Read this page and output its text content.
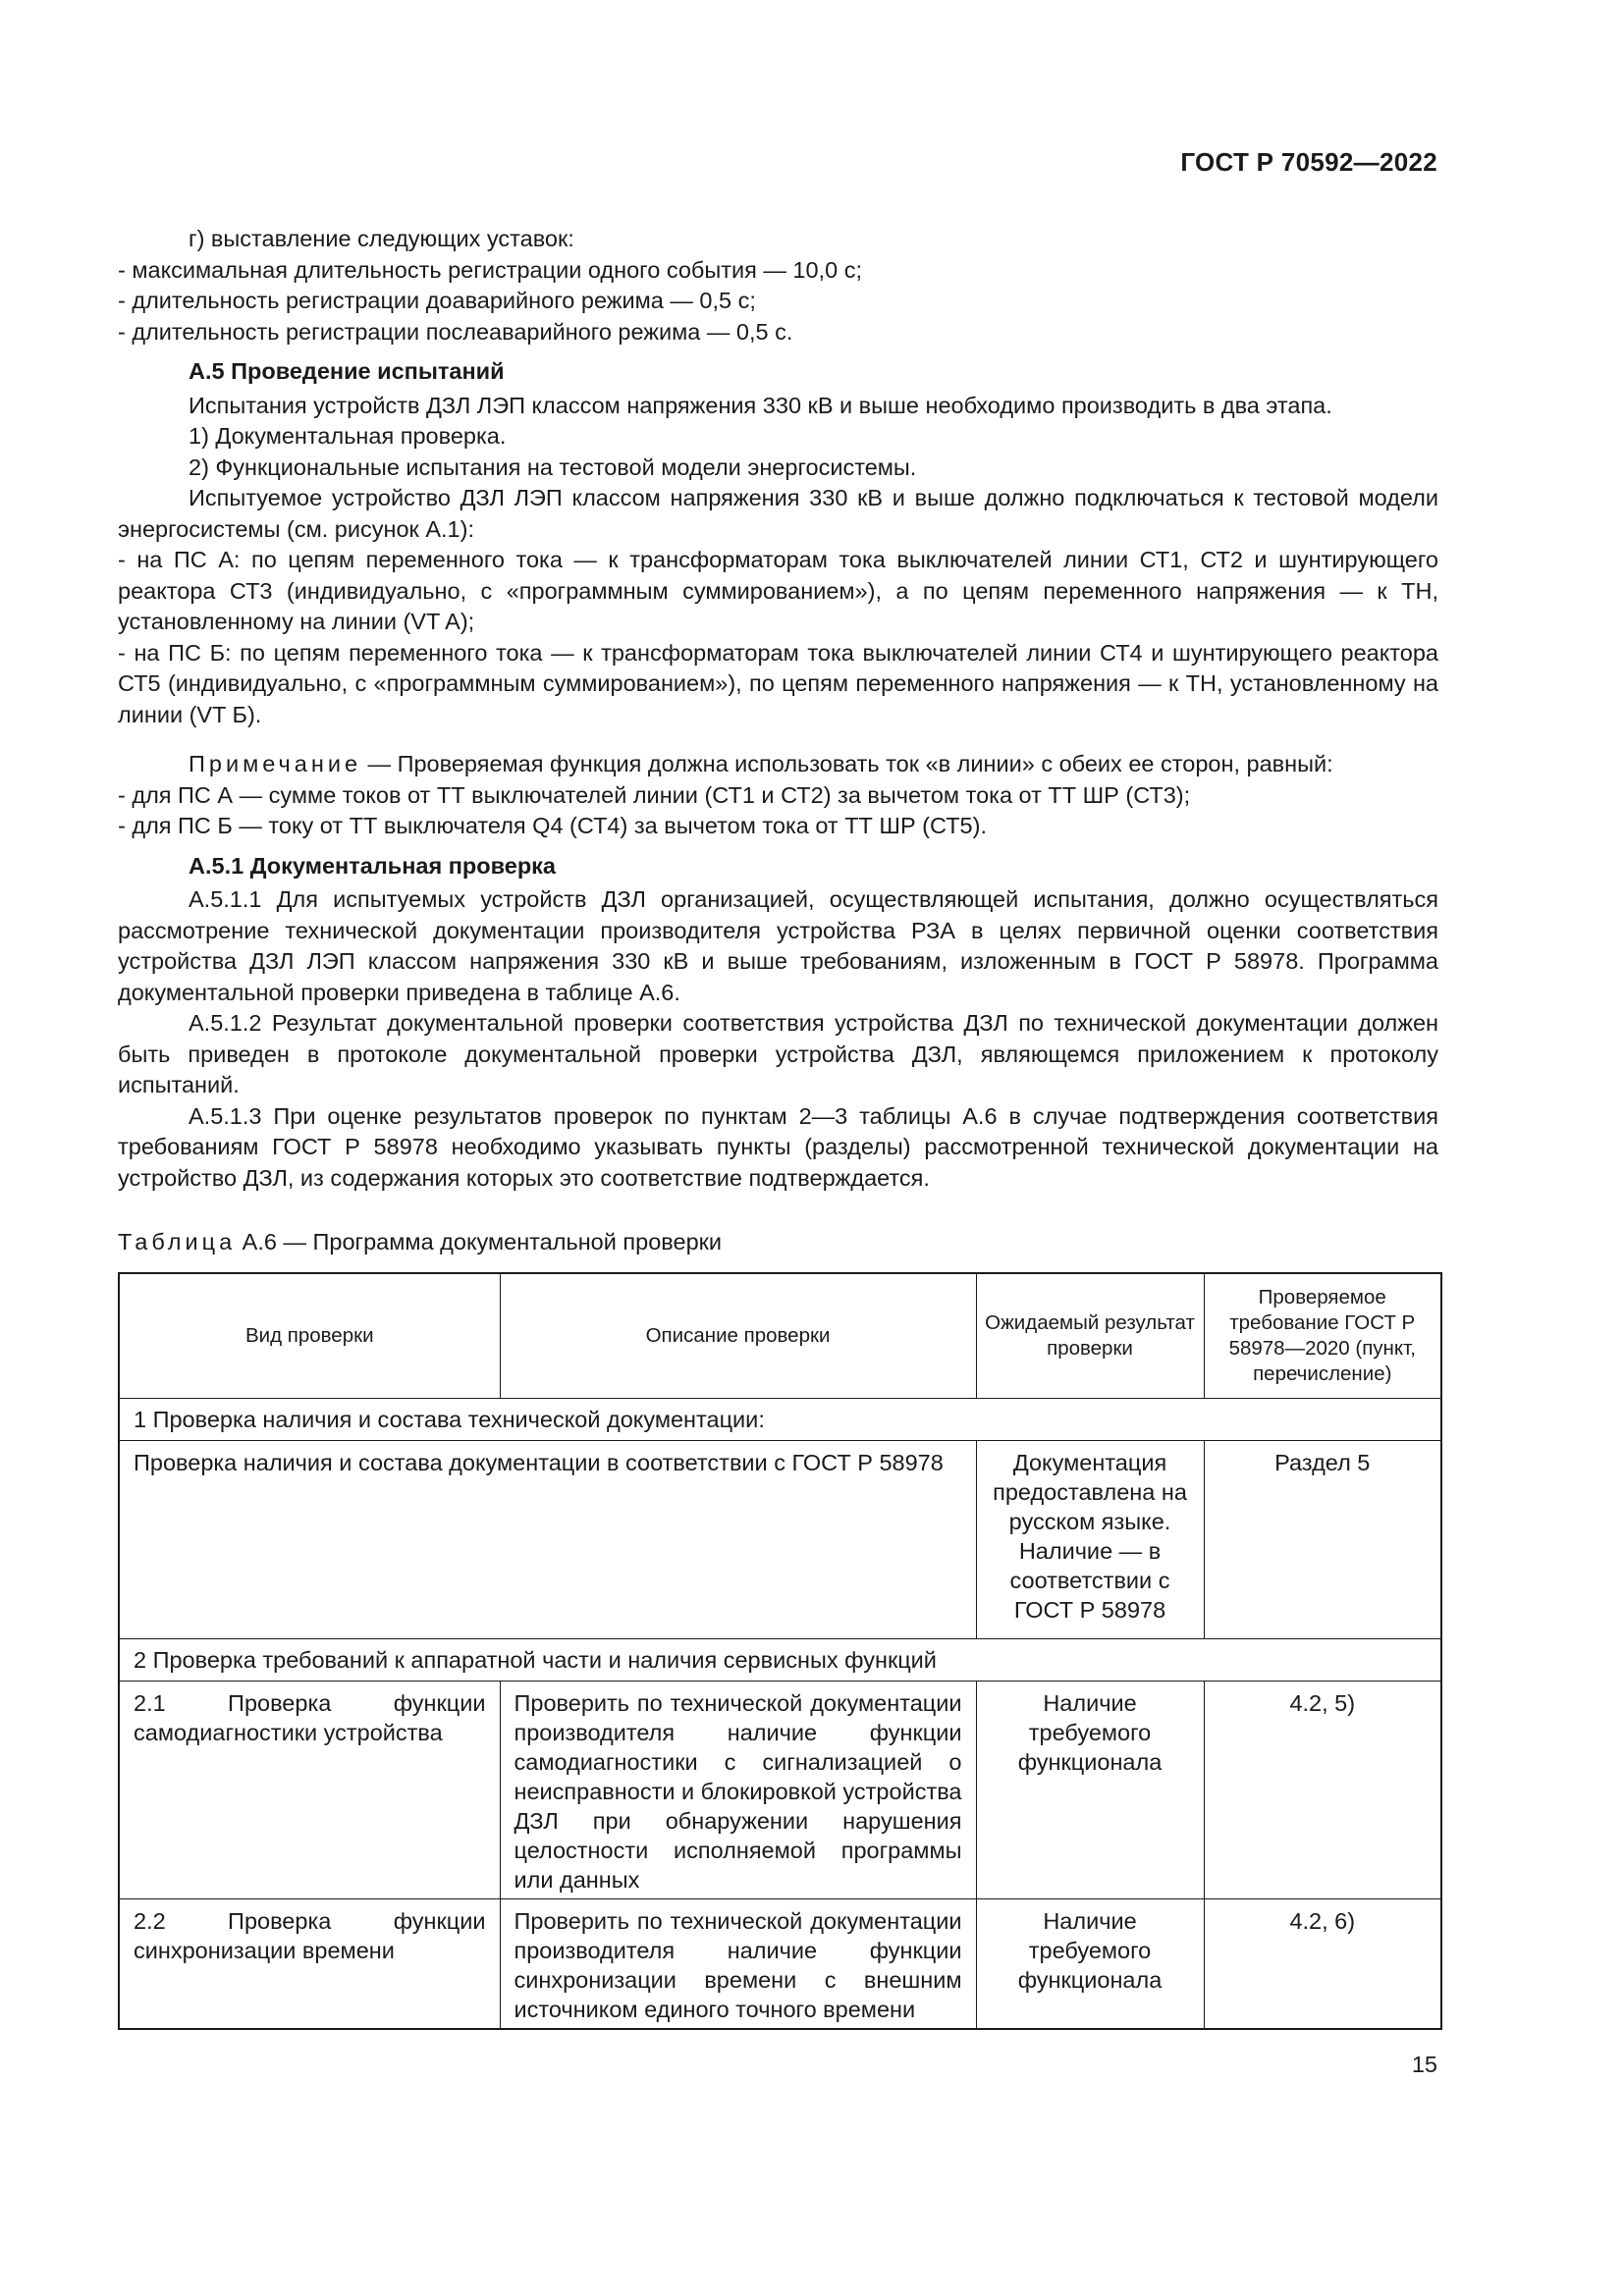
ГОСТ Р 70592—2022

г) выставление следующих уставок:

- максимальная длительность регистрации одного события — 10,0 с;

- длительность регистрации доаварийного режима — 0,5 с;

- длительность регистрации послеаварийного режима — 0,5 с.

А.5 Проведение испытаний

Испытания устройств ДЗЛ ЛЭП классом напряжения 330 кВ и выше необходимо производить в два этапа.

1) Документальная проверка.

2) Функциональные испытания на тестовой модели энергосистемы.

Испытуемое устройство ДЗЛ ЛЭП классом напряжения 330 кВ и выше должно подключаться к тестовой модели энергосистемы (см. рисунок А.1):

- на ПС А: по цепям переменного тока — к трансформаторам тока выключателей линии СТ1, СТ2 и шунтирующего реактора СТ3 (индивидуально, с «программным суммированием»), а по цепям переменного напряжения — к ТН, установленному на линии (VT A);

- на ПС Б: по цепям переменного тока — к трансформаторам тока выключателей линии СТ4 и шунтирующего реактора СТ5 (индивидуально, с «программным суммированием»), по цепям переменного напряжения — к ТН, установленному на линии (VT Б).

Примечание — Проверяемая функция должна использовать ток «в линии» с обеих ее сторон, равный:

- для ПС А — сумме токов от ТТ выключателей линии (СТ1 и СТ2) за вычетом тока от ТТ ШР (СТ3);

- для ПС Б — току от ТТ выключателя Q4 (СТ4) за вычетом тока от ТТ ШР (СТ5).

А.5.1 Документальная проверка

А.5.1.1 Для испытуемых устройств ДЗЛ организацией, осуществляющей испытания, должно осуществляться рассмотрение технической документации производителя устройства РЗА в целях первичной оценки соответствия устройства ДЗЛ ЛЭП классом напряжения 330 кВ и выше требованиям, изложенным в ГОСТ Р 58978. Программа документальной проверки приведена в таблице А.6.

А.5.1.2 Результат документальной проверки соответствия устройства ДЗЛ по технической документации должен быть приведен в протоколе документальной проверки устройства ДЗЛ, являющемся приложением к протоколу испытаний.

А.5.1.3 При оценке результатов проверок по пунктам 2—3 таблицы А.6 в случае подтверждения соответствия требованиям ГОСТ Р 58978 необходимо указывать пункты (разделы) рассмотренной технической документации на устройство ДЗЛ, из содержания которых это соответствие подтверждается.

Таблица А.6 — Программа документальной проверки

Вид проверки	Описание проверки	Ожидаемый результат проверки	Проверяемое требование ГОСТ Р 58978—2020 (пункт, перечисление)
1 Проверка наличия и состава технической документации:			
Проверка наличия и состава документации в соответствии с ГОСТ Р 58978		Документация предоставлена на русском языке. Наличие — в соответствии с ГОСТ Р 58978	Раздел 5
2 Проверка требований к аппаратной части и наличия сервисных функций			
2.1 Проверка функции самодиагностики устройства	Проверить по технической документации производителя наличие функции самодиагностики с сигнализацией о неисправности и блокировкой устройства ДЗЛ при обнаружении нарушения целостности исполняемой программы или данных	Наличие требуемого функционала	4.2, 5)
2.2 Проверка функции синхронизации времени	Проверить по технической документации производителя наличие функции синхронизации времени с внешним источником единого точного времени	Наличие требуемого функционала	4.2, 6)
15
